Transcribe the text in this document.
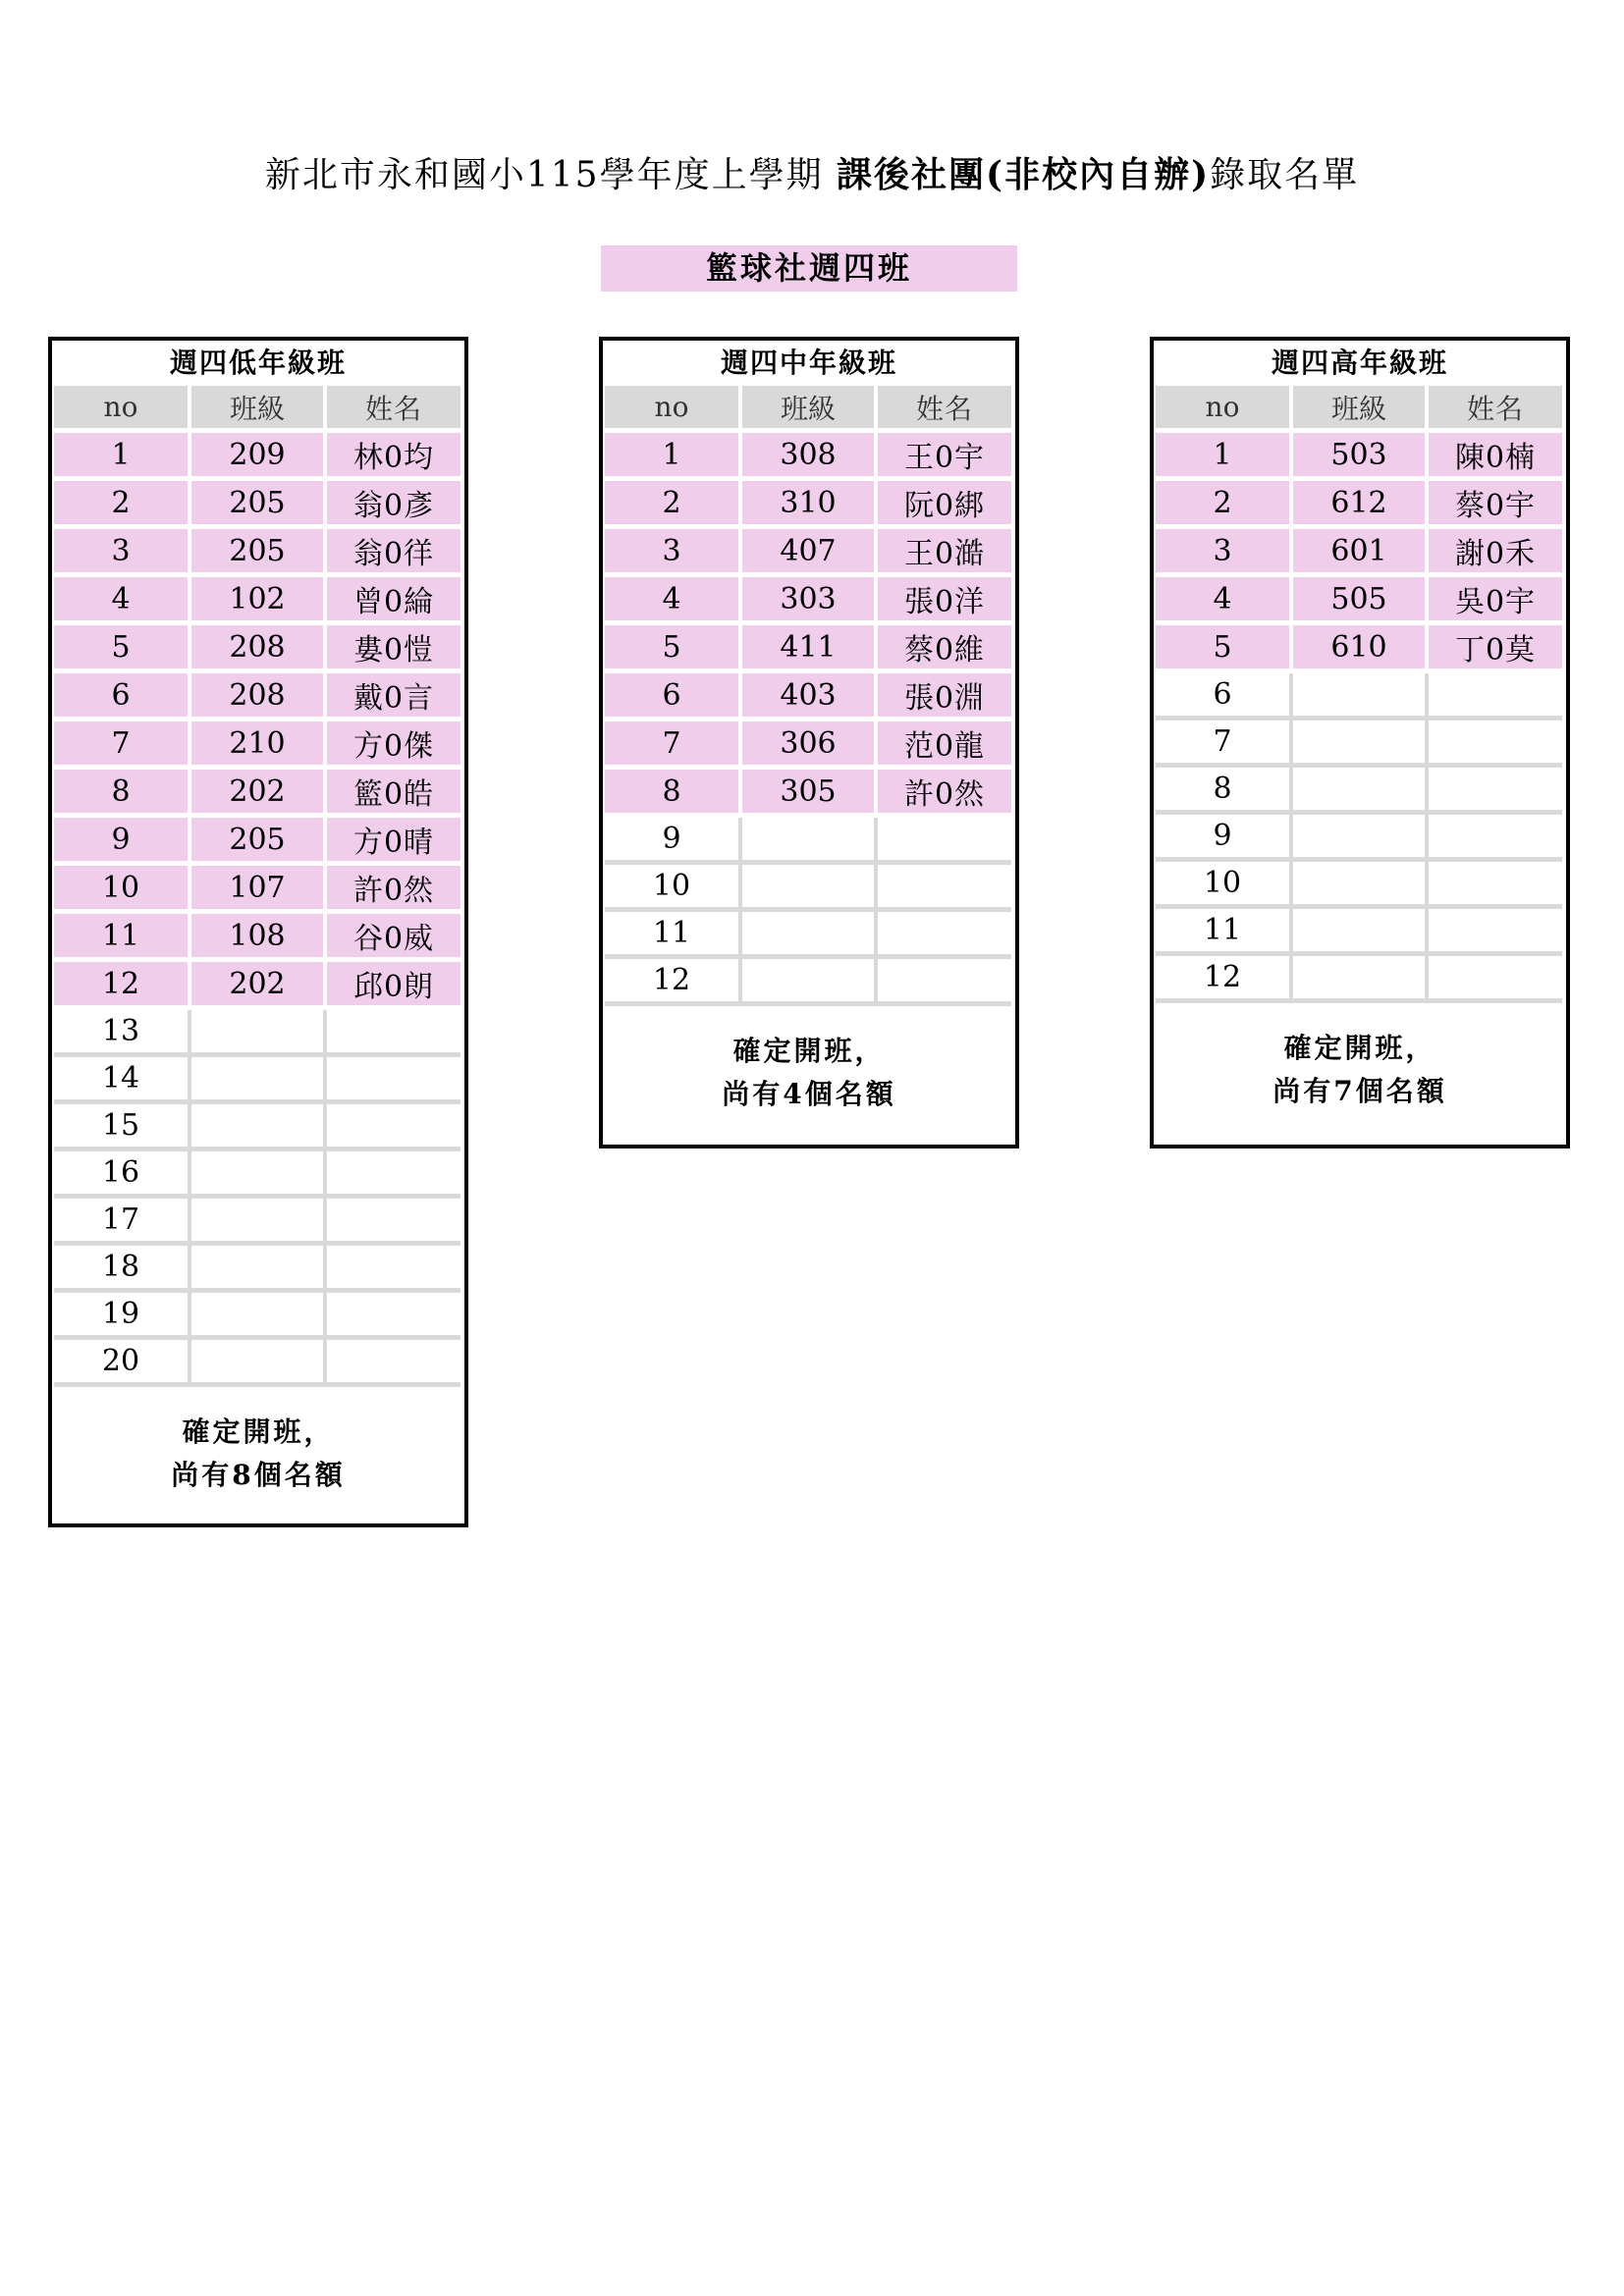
新北市永和國小115學年度上學期 課後社團(非校內自辦)錄取名單
籃球社週四班
週四低年級班
no	班級	姓名
1	209	林0均
2	205	翁0彥
3	205	翁0徉
4	102	曾0綸
5	208	婁0愷
6	208	戴0言
7	210	方0傑
8	202	籃0皓
9	205	方0晴
10	107	許0然
11	108	谷0威
12	202	邱0朗
13		
14		
15		
16		
17		
18		
19		
20		
確定開班，
尚有8個名額
週四中年級班
no	班級	姓名
1	308	王0宇
2	310	阮0綁
3	407	王0澔
4	303	張0洋
5	411	蔡0維
6	403	張0淵
7	306	范0龍
8	305	許0然
9		
10		
11		
12		
確定開班，
尚有4個名額
週四高年級班
no	班級	姓名
1	503	陳0楠
2	612	蔡0宇
3	601	謝0禾
4	505	吳0宇
5	610	丁0莫
6		
7		
8		
9		
10		
11		
12		
確定開班，
尚有7個名額
